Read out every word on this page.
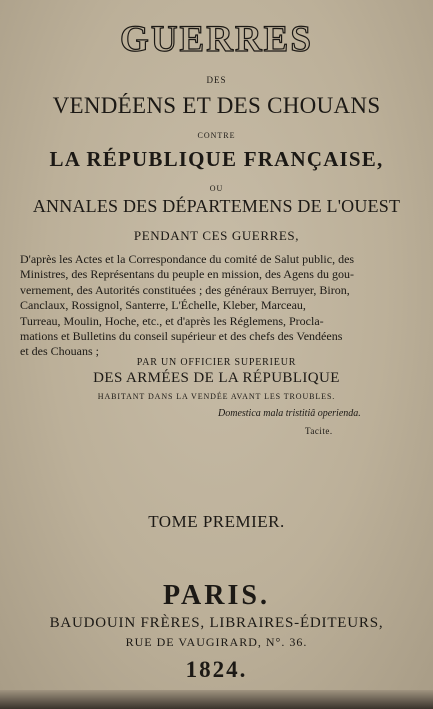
GUERRES
DES
VENDÉENS ET DES CHOUANS
CONTRE
LA RÉPUBLIQUE FRANÇAISE,
OU
ANNALES DES DÉPARTEMENS DE L'OUEST
PENDANT CES GUERRES,
D'après les Actes et la Correspondance du comité de Salut public, des
Ministres, des Représentans du peuple en mission, des Agens du gou-
vernement, des Autorités constituées ; des généraux Berruyer, Biron,
Canclaux, Rossignol, Santerre, L'Échelle, Kleber, Marceau,
Turreau, Moulin, Hoche, etc., et d'après les Réglemens, Procla-
mations et Bulletins du conseil supérieur et des chefs des Vendéens
et des Chouans ;
PAR UN OFFICIER SUPERIEUR
DES ARMÉES DE LA RÉPUBLIQUE
HABITANT DANS LA VENDÉE AVANT LES TROUBLES.
Domestica mala tristitiâ operienda.
Tacite.
TOME PREMIER.
PARIS.
BAUDOUIN FRÈRES, LIBRAIRES-ÉDITEURS,
RUE DE VAUGIRARD, N°. 36.
1824.
